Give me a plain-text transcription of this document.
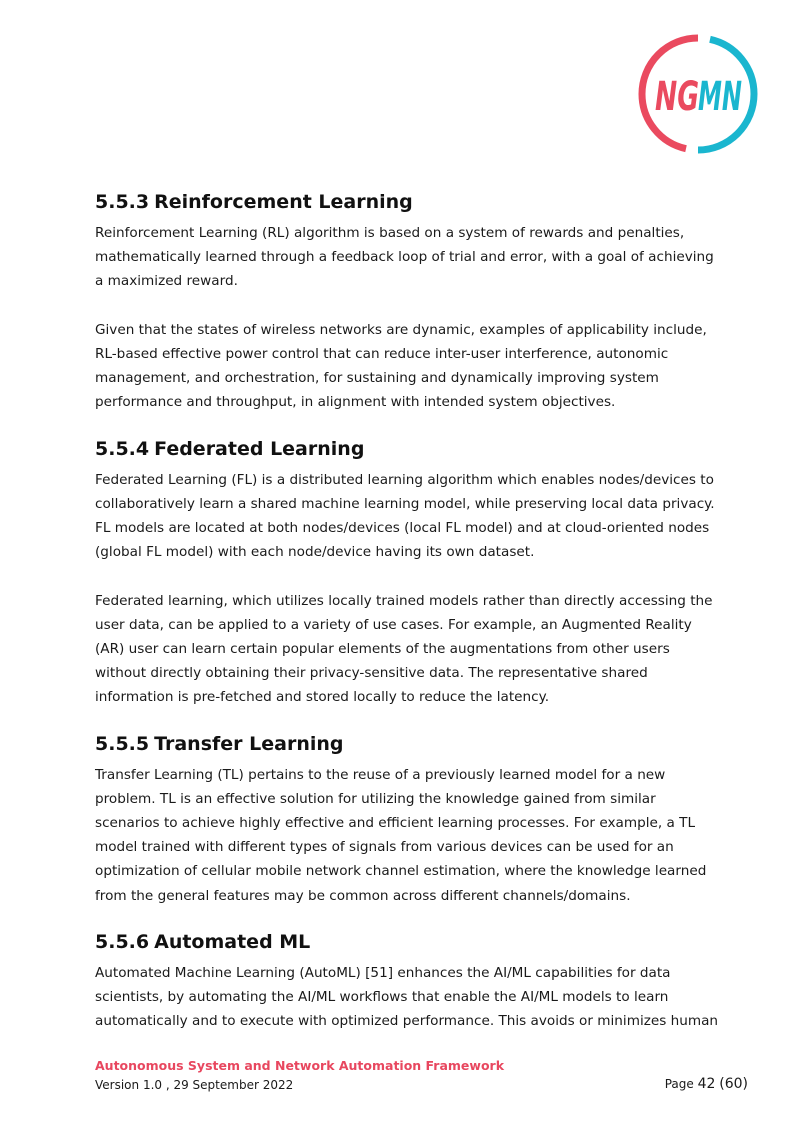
NG MN
5.5.3 Reinforcement Learning

Reinforcement Learning (RL) algorithm is based on a system of rewards and penalties, mathematically learned through a feedback loop of trial and error, with a goal of achieving a maximized reward.

Given that the states of wireless networks are dynamic, examples of applicability include, RL-based effective power control that can reduce inter-user interference, autonomic management, and orchestration, for sustaining and dynamically improving system performance and throughput, in alignment with intended system objectives.

5.5.4 Federated Learning

Federated Learning (FL) is a distributed learning algorithm which enables nodes/devices to collaboratively learn a shared machine learning model, while preserving local data privacy. FL models are located at both nodes/devices (local FL model) and at cloud-oriented nodes (global FL model) with each node/device having its own dataset.

Federated learning, which utilizes locally trained models rather than directly accessing the user data, can be applied to a variety of use cases. For example, an Augmented Reality (AR) user can learn certain popular elements of the augmentations from other users without directly obtaining their privacy-sensitive data. The representative shared information is pre-fetched and stored locally to reduce the latency.

5.5.5 Transfer Learning

Transfer Learning (TL) pertains to the reuse of a previously learned model for a new problem. TL is an effective solution for utilizing the knowledge gained from similar scenarios to achieve highly effective and efficient learning processes. For example, a TL model trained with different types of signals from various devices can be used for an optimization of cellular mobile network channel estimation, where the knowledge learned from the general features may be common across different channels/domains.

5.5.6 Automated ML

Automated Machine Learning (AutoML) [51] enhances the AI/ML capabilities for data scientists, by automating the AI/ML workflows that enable the AI/ML models to learn automatically and to execute with optimized performance. This avoids or minimizes human

Autonomous System and Network Automation Framework
Version 1.0 , 29 September 2022	Page 42 (60)
